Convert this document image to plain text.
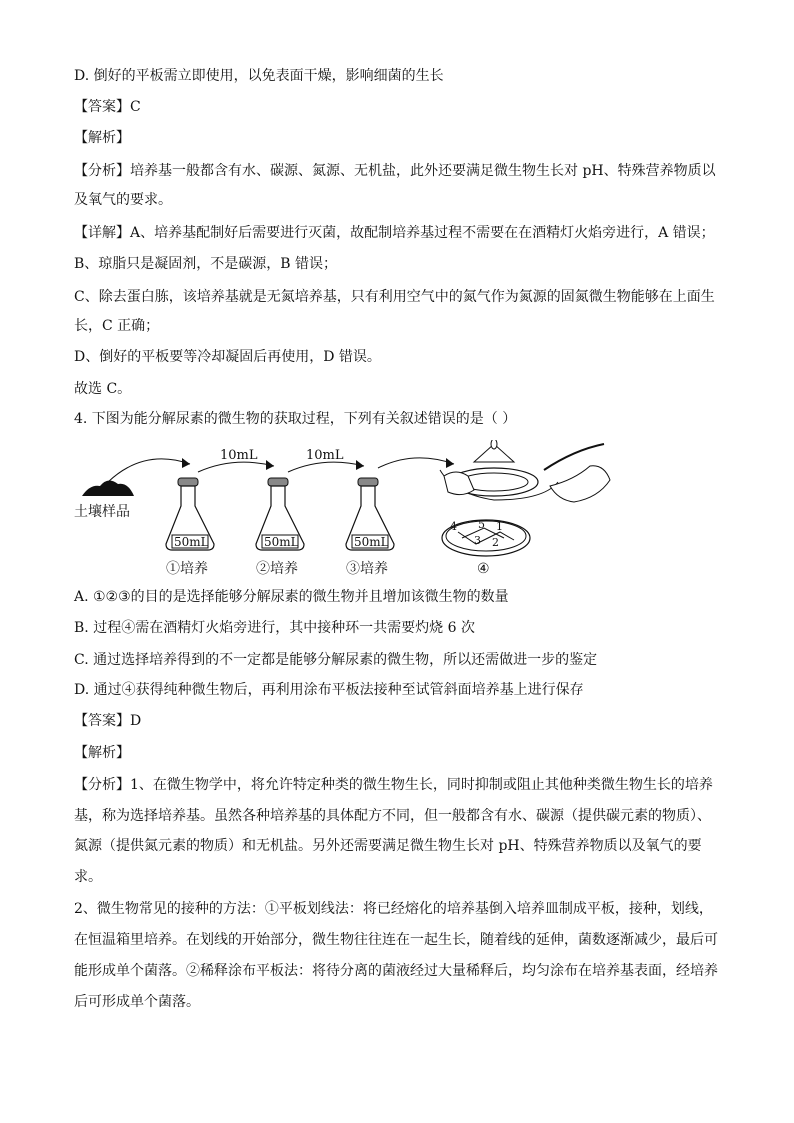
D. 倒好的平板需立即使用，以免表面干燥，影响细菌的生长
【答案】C
【解析】
【分析】培养基一般都含有水、碳源、氮源、无机盐，此外还要满足微生物生长对 pH、特殊营养物质以
及氧气的要求。
【详解】A、培养基配制好后需要进行灭菌，故配制培养基过程不需要在在酒精灯火焰旁进行，A 错误；
B、琼脂只是凝固剂，不是碳源，B 错误；
C、除去蛋白胨，该培养基就是无氮培养基，只有利用空气中的氮气作为氮源的固氮微生物能够在上面生
长，C 正确；
D、倒好的平板要等冷却凝固后再使用，D 错误。
故选 C。
4. 下图为能分解尿素的微生物的获取过程，下列有关叙述错误的是（ ）
土壤样品
10mL	10mL
50mL
①培养
50mL
②培养
50mL
③培养
4 5 1
3 2
④
A. ①②③的目的是选择能够分解尿素的微生物并且增加该微生物的数量
B. 过程④需在酒精灯火焰旁进行，其中接种环一共需要灼烧 6 次
C. 通过选择培养得到的不一定都是能够分解尿素的微生物，所以还需做进一步的鉴定
D. 通过④获得纯种微生物后，再利用涂布平板法接种至试管斜面培养基上进行保存
【答案】D
【解析】
【分析】1、在微生物学中，将允许特定种类的微生物生长，同时抑制或阻止其他种类微生物生长的培养
基，称为选择培养基。虽然各种培养基的具体配方不同，但一般都含有水、碳源（提供碳元素的物质）、
氮源（提供氮元素的物质）和无机盐。另外还需要满足微生物生长对 pH、特殊营养物质以及氧气的要
求。
2、微生物常见的接种的方法：①平板划线法：将已经熔化的培养基倒入培养皿制成平板，接种，划线，
在恒温箱里培养。在划线的开始部分，微生物往往连在一起生长，随着线的延伸，菌数逐渐减少，最后可
能形成单个菌落。②稀释涂布平板法：将待分离的菌液经过大量稀释后，均匀涂布在培养基表面，经培养
后可形成单个菌落。
